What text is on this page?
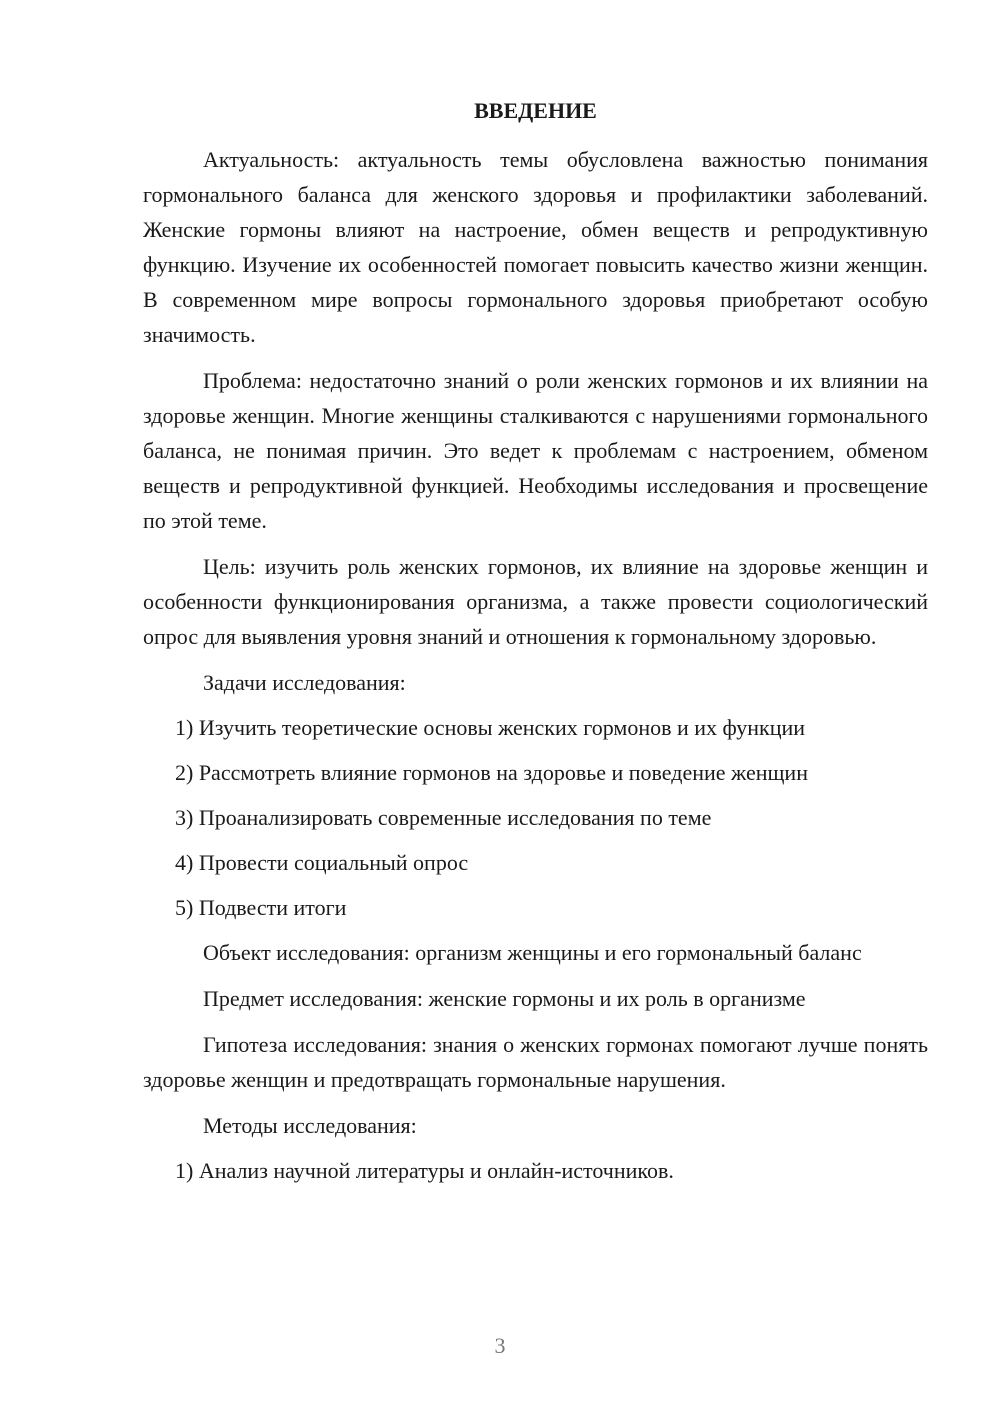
ВВЕДЕНИЕ

Актуальность: актуальность темы обусловлена важностью понимания гормонального баланса для женского здоровья и профилактики заболеваний. Женские гормоны влияют на настроение, обмен веществ и репродуктивную функцию. Изучение их особенностей помогает повысить качество жизни женщин. В современном мире вопросы гормонального здоровья приобретают особую значимость.

Проблема: недостаточно знаний о роли женских гормонов и их влиянии на здоровье женщин. Многие женщины сталкиваются с нарушениями гормонального баланса, не понимая причин. Это ведет к проблемам с настроением, обменом веществ и репродуктивной функцией. Необходимы исследования и просвещение по этой теме.

Цель: изучить роль женских гормонов, их влияние на здоровье женщин и особенности функционирования организма, а также провести социологический опрос для выявления уровня знаний и отношения к гормональному здоровью.

Задачи исследования:

1) Изучить теоретические основы женских гормонов и их функции
2) Рассмотреть влияние гормонов на здоровье и поведение женщин
3) Проанализировать современные исследования по теме
4) Провести социальный опрос
5) Подвести итоги

Объект исследования: организм женщины и его гормональный баланс

Предмет исследования: женские гормоны и их роль в организме

Гипотеза исследования: знания о женских гормонах помогают лучше понять здоровье женщин и предотвращать гормональные нарушения.

Методы исследования:

1) Анализ научной литературы и онлайн-источников.
3
